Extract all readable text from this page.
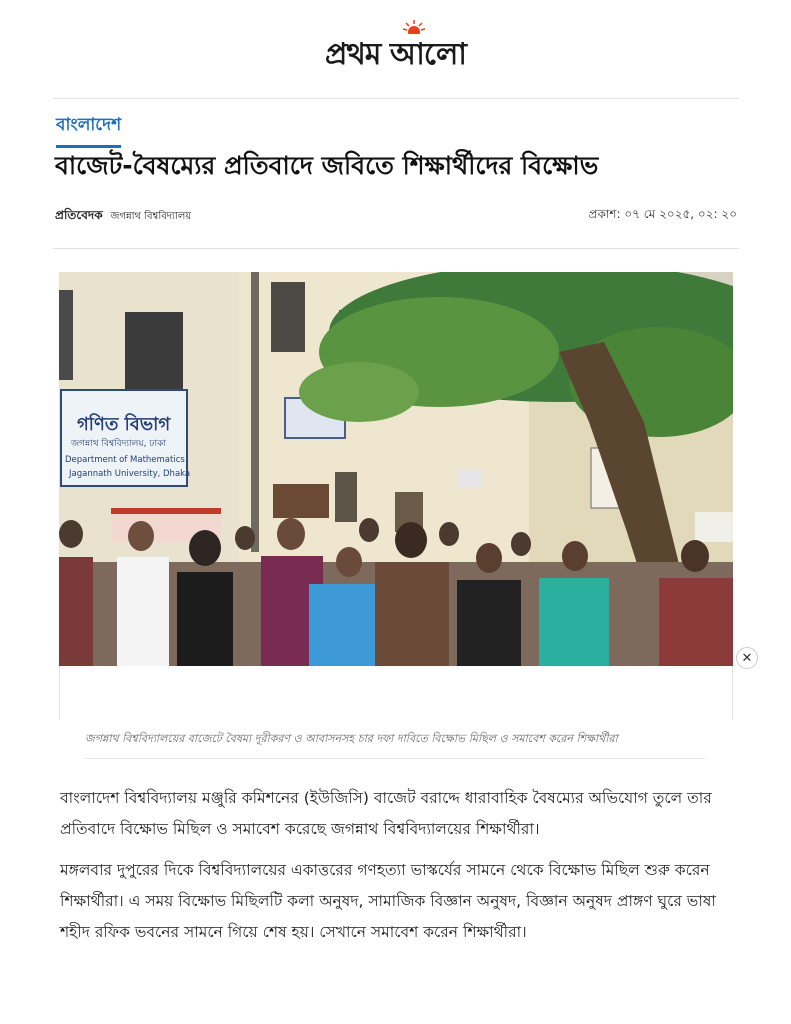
প্রথম আলো
বাংলাদেশ
বাজেট-বৈষম্যের প্রতিবাদে জবিতে শিক্ষার্থীদের বিক্ষোভ
প্রতিবেদক জগন্নাথ বিশ্ববিদ্যালয়	প্রকাশ: ০৭ মে ২০২৫, ০২: ২০
গণিত বিভাগ
জগন্নাথ বিশ্ববিদ্যালয়, ঢাকা
Department of Mathematics
Jagannath University, Dhaka
✕
জগন্নাথ বিশ্ববিদ্যালয়ের বাজেটে বৈষম্য দূরীকরণ ও আবাসনসহ চার দফা দাবিতে বিক্ষোভ মিছিল ও সমাবেশ করেন শিক্ষার্থীরা

বাংলাদেশ বিশ্ববিদ্যালয় মঞ্জুরি কমিশনের (ইউজিসি) বাজেট বরাদ্দে ধারাবাহিক বৈষম্যের অভিযোগ তুলে তার প্রতিবাদে বিক্ষোভ মিছিল ও সমাবেশ করেছে জগন্নাথ বিশ্ববিদ্যালয়ের শিক্ষার্থীরা।

মঙ্গলবার দুপুরের দিকে বিশ্ববিদ্যালয়ের একাত্তরের গণহত্যা ভাস্কর্যের সামনে থেকে বিক্ষোভ মিছিল শুরু করেন শিক্ষার্থীরা। এ সময় বিক্ষোভ মিছিলটি কলা অনুষদ, সামাজিক বিজ্ঞান অনুষদ, বিজ্ঞান অনুষদ প্রাঙ্গণ ঘুরে ভাষা শহীদ রফিক ভবনের সামনে গিয়ে শেষ হয়। সেখানে সমাবেশ করেন শিক্ষার্থীরা।
